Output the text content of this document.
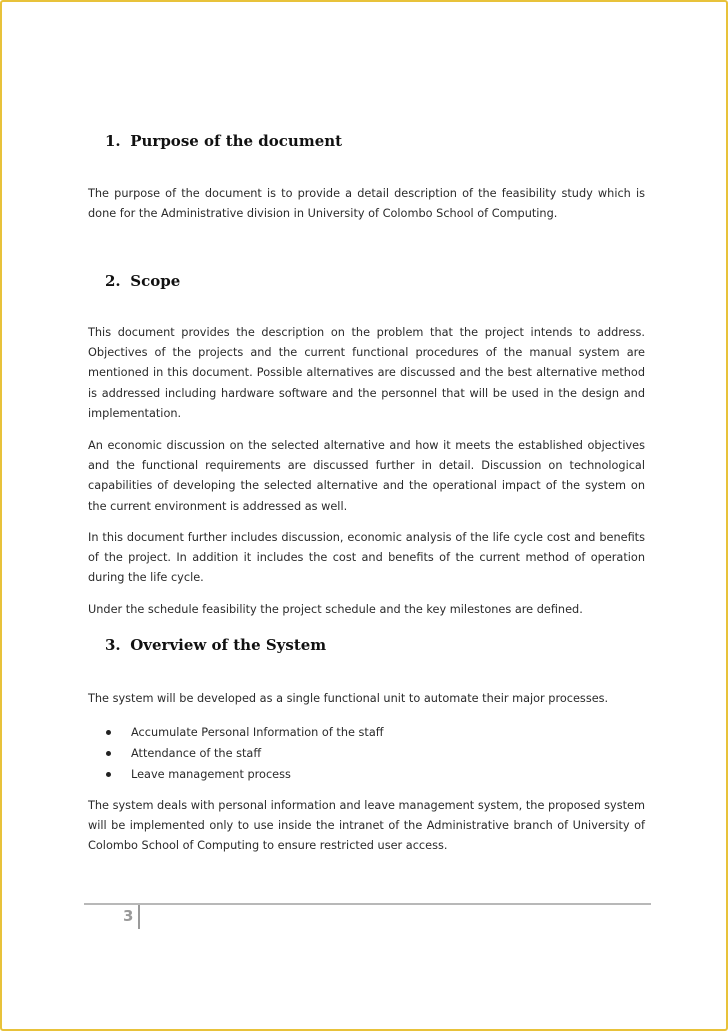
1. Purpose of the document

The purpose of the document is to provide a detail description of the feasibility study which is done for the Administrative division in University of Colombo School of Computing.

2. Scope

This document provides the description on the problem that the project intends to address. Objectives of the projects and the current functional procedures of the manual system are mentioned in this document. Possible alternatives are discussed and the best alternative method is addressed including hardware software and the personnel that will be used in the design and implementation.

An economic discussion on the selected alternative and how it meets the established objectives and the functional requirements are discussed further in detail. Discussion on technological capabilities of developing the selected alternative and the operational impact of the system on the current environment is addressed as well.

In this document further includes discussion, economic analysis of the life cycle cost and benefits of the project. In addition it includes the cost and benefits of the current method of operation during the life cycle.

Under the schedule feasibility the project schedule and the key milestones are defined.

3. Overview of the System

The system will be developed as a single functional unit to automate their major processes.

Accumulate Personal Information of the staff
Attendance of the staff
Leave management process

The system deals with personal information and leave management system, the proposed system will be implemented only to use inside the intranet of the Administrative branch of University of Colombo School of Computing to ensure restricted user access.

3
